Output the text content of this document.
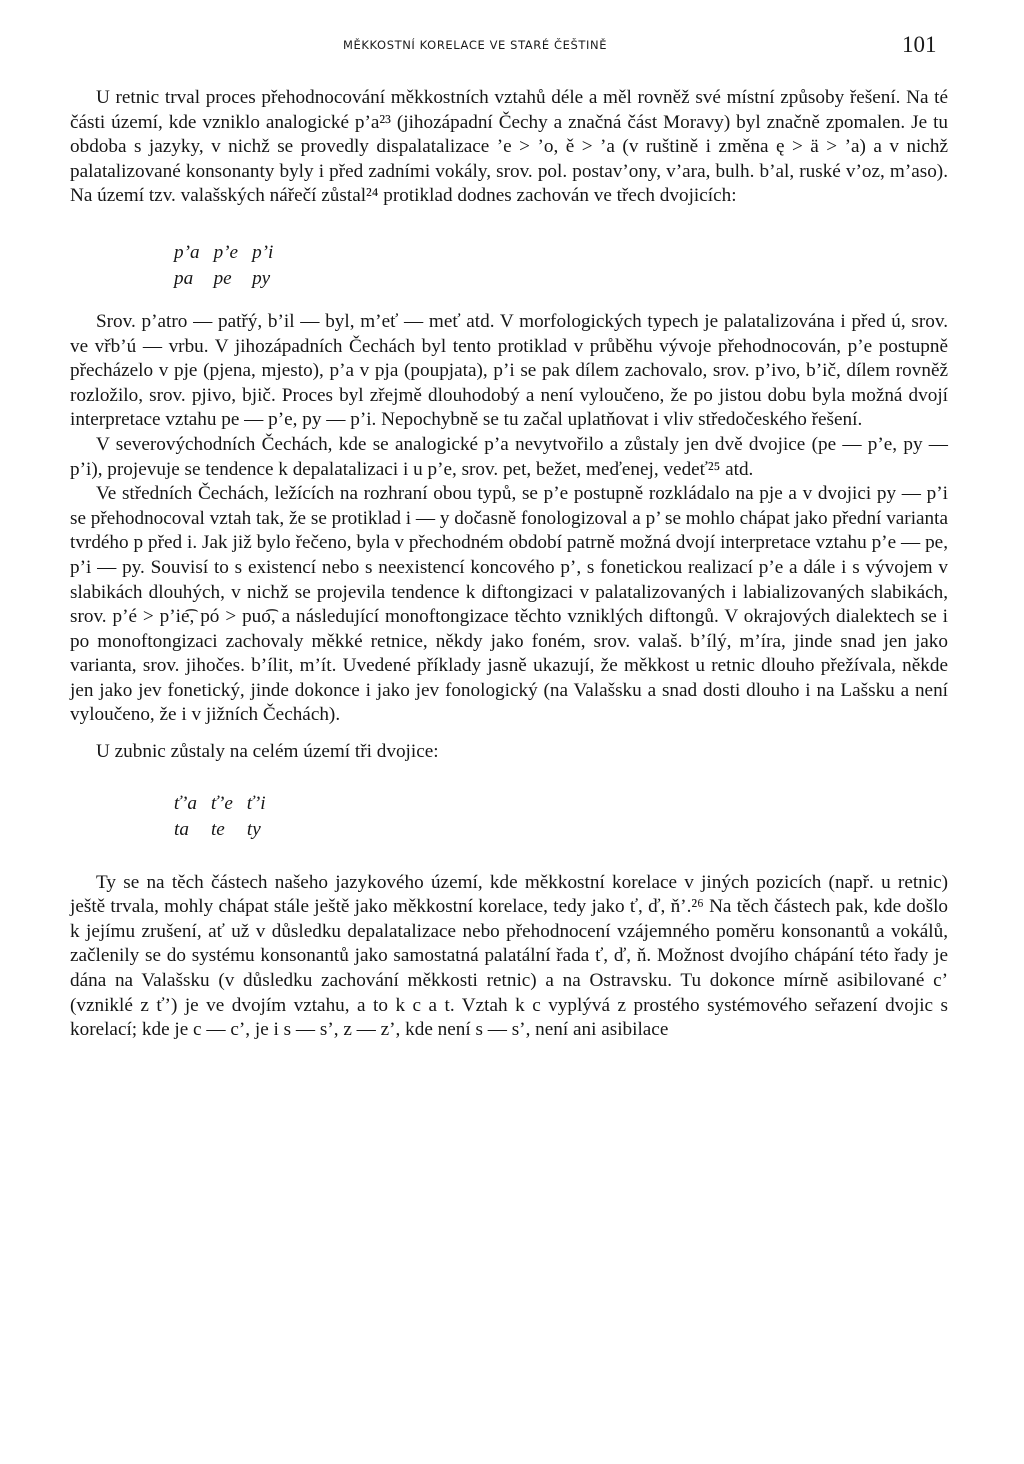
MĚKKOSTNÍ KORELACE VE STARÉ ČEŠTINĚ	101

U retnic trval proces přehodnocování měkkostních vztahů déle a měl rovněž své místní způsoby řešení. Na té části území, kde vzniklo analogické p’a²³ (jihozápadní Čechy a značná část Moravy) byl značně zpomalen. Je tu obdoba s jazyky, v nichž se provedly dispalatalizace ’e > ’o, ě > ’a (v ruštině i změna ę > ä > ’a) a v nichž palatalizované konsonanty byly i před zadními vokály, srov. pol. postav’ony, v’ara, bulh. b’al, ruské v’oz, m’aso). Na území tzv. valašských nářečí zůstal²⁴ protiklad dodnes zachován ve třech dvojicích:

p’a	p’e	p’i
pa	pe	py

Srov. p’atro — patřý, b’il — byl, m’eť — meť atd. V morfologických typech je palatalizována i před ú, srov. ve vřb’ú — vrbu. V jihozápadních Čechách byl tento protiklad v průběhu vývoje přehodnocován, p’e postupně přecházelo v pje (pjena, mjesto), p’a v pja (poupjata), p’i se pak dílem zachovalo, srov. p’ivo, b’ič, dílem rovněž rozložilo, srov. pjivo, bjič. Proces byl zřejmě dlouhodobý a není vyloučeno, že po jistou dobu byla možná dvojí interpretace vztahu pe — p’e, py — p’i. Nepochybně se tu začal uplatňovat i vliv středočeského řešení.

V severovýchodních Čechách, kde se analogické p’a nevytvořilo a zůstaly jen dvě dvojice (pe — p’e, py — p’i), projevuje se tendence k depalatalizaci i u p’e, srov. pet, bežet, meďenej, vedeť²⁵ atd.

Ve středních Čechách, ležících na rozhraní obou typů, se p’e postupně rozkládalo na pje a v dvojici py — p’i se přehodnocoval vztah tak, že se protiklad i — y dočasně fonologizoval a p’ se mohlo chápat jako přední varianta tvrdého p před i. Jak již bylo řečeno, byla v přechodném období patrně možná dvojí interpretace vztahu p’e — pe, p’i — py. Souvisí to s existencí nebo s neexistencí koncového p’, s fonetickou realizací p’e a dále i s vývojem v slabikách dlouhých, v nichž se projevila tendence k diftongizaci v palatalizovaných i labializovaných slabikách, srov. p’é > p’ie͡, pó > puo͡, a následující monoftongizace těchto vzniklých diftongů. V okrajových dialektech se i po monoftongizaci zachovaly měkké retnice, někdy jako foném, srov. valaš. b’ílý, m’íra, jinde snad jen jako varianta, srov. jihočes. b’ílit, m’ít. Uvedené příklady jasně ukazují, že měkkost u retnic dlouho přežívala, někde jen jako jev fonetický, jinde dokonce i jako jev fonologický (na Valašsku a snad dosti dlouho i na Lašsku a není vyloučeno, že i v jižních Čechách).

U zubnic zůstaly na celém území tři dvojice:

ť’a	ť’e	ť’i
ta	te	ty

Ty se na těch částech našeho jazykového území, kde měkkostní korelace v jiných pozicích (např. u retnic) ještě trvala, mohly chápat stále ještě jako měkkostní korelace, tedy jako ť, ď, ň’.²⁶ Na těch částech pak, kde došlo k jejímu zrušení, ať už v důsledku depalatalizace nebo přehodnocení vzájemného poměru konsonantů a vokálů, začlenily se do systému konsonantů jako samostatná palatální řada ť, ď, ň. Možnost dvojího chápání této řady je dána na Valašsku (v důsledku zachování měkkosti retnic) a na Ostravsku. Tu dokonce mírně asibilované c’ (vzniklé z ť’) je ve dvojím vztahu, a to k c a t. Vztah k c vyplývá z prostého systémového seřazení dvojic s korelací; kde je c — c’, je i s — s’, z — z’, kde není s — s’, není ani asibilace
